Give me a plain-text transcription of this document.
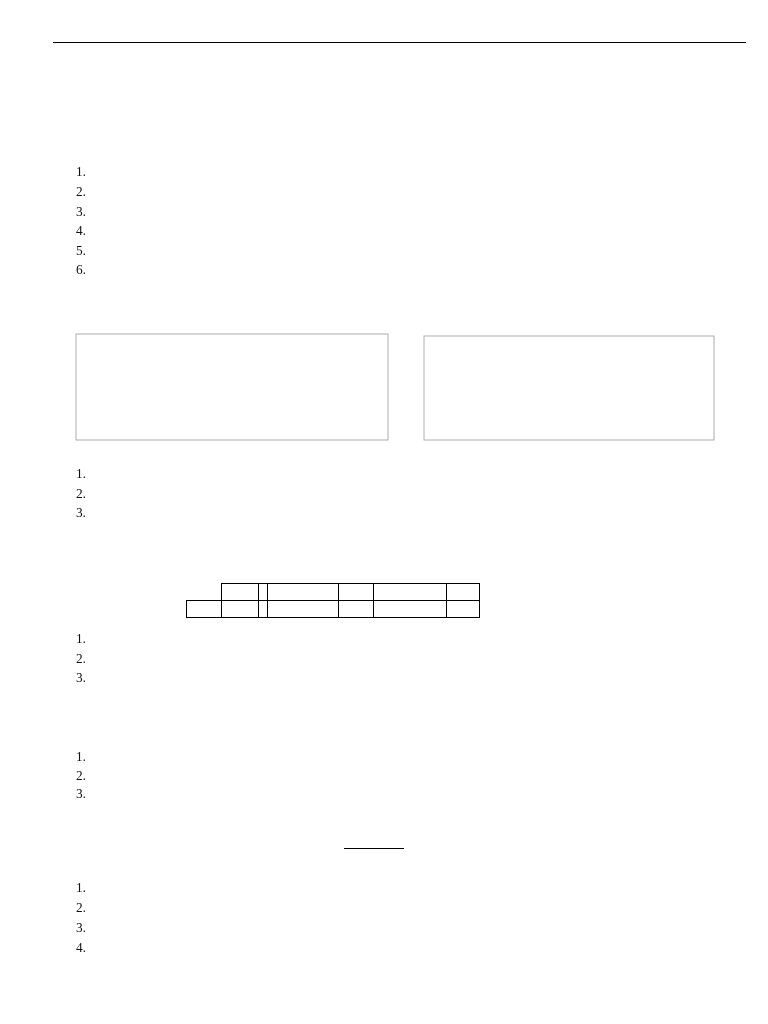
1.
2.
3.
4.
5.
6.
1.
2.
3.

1.
2.
3.
1.
2.
3.
1.
2.
3.
4.
